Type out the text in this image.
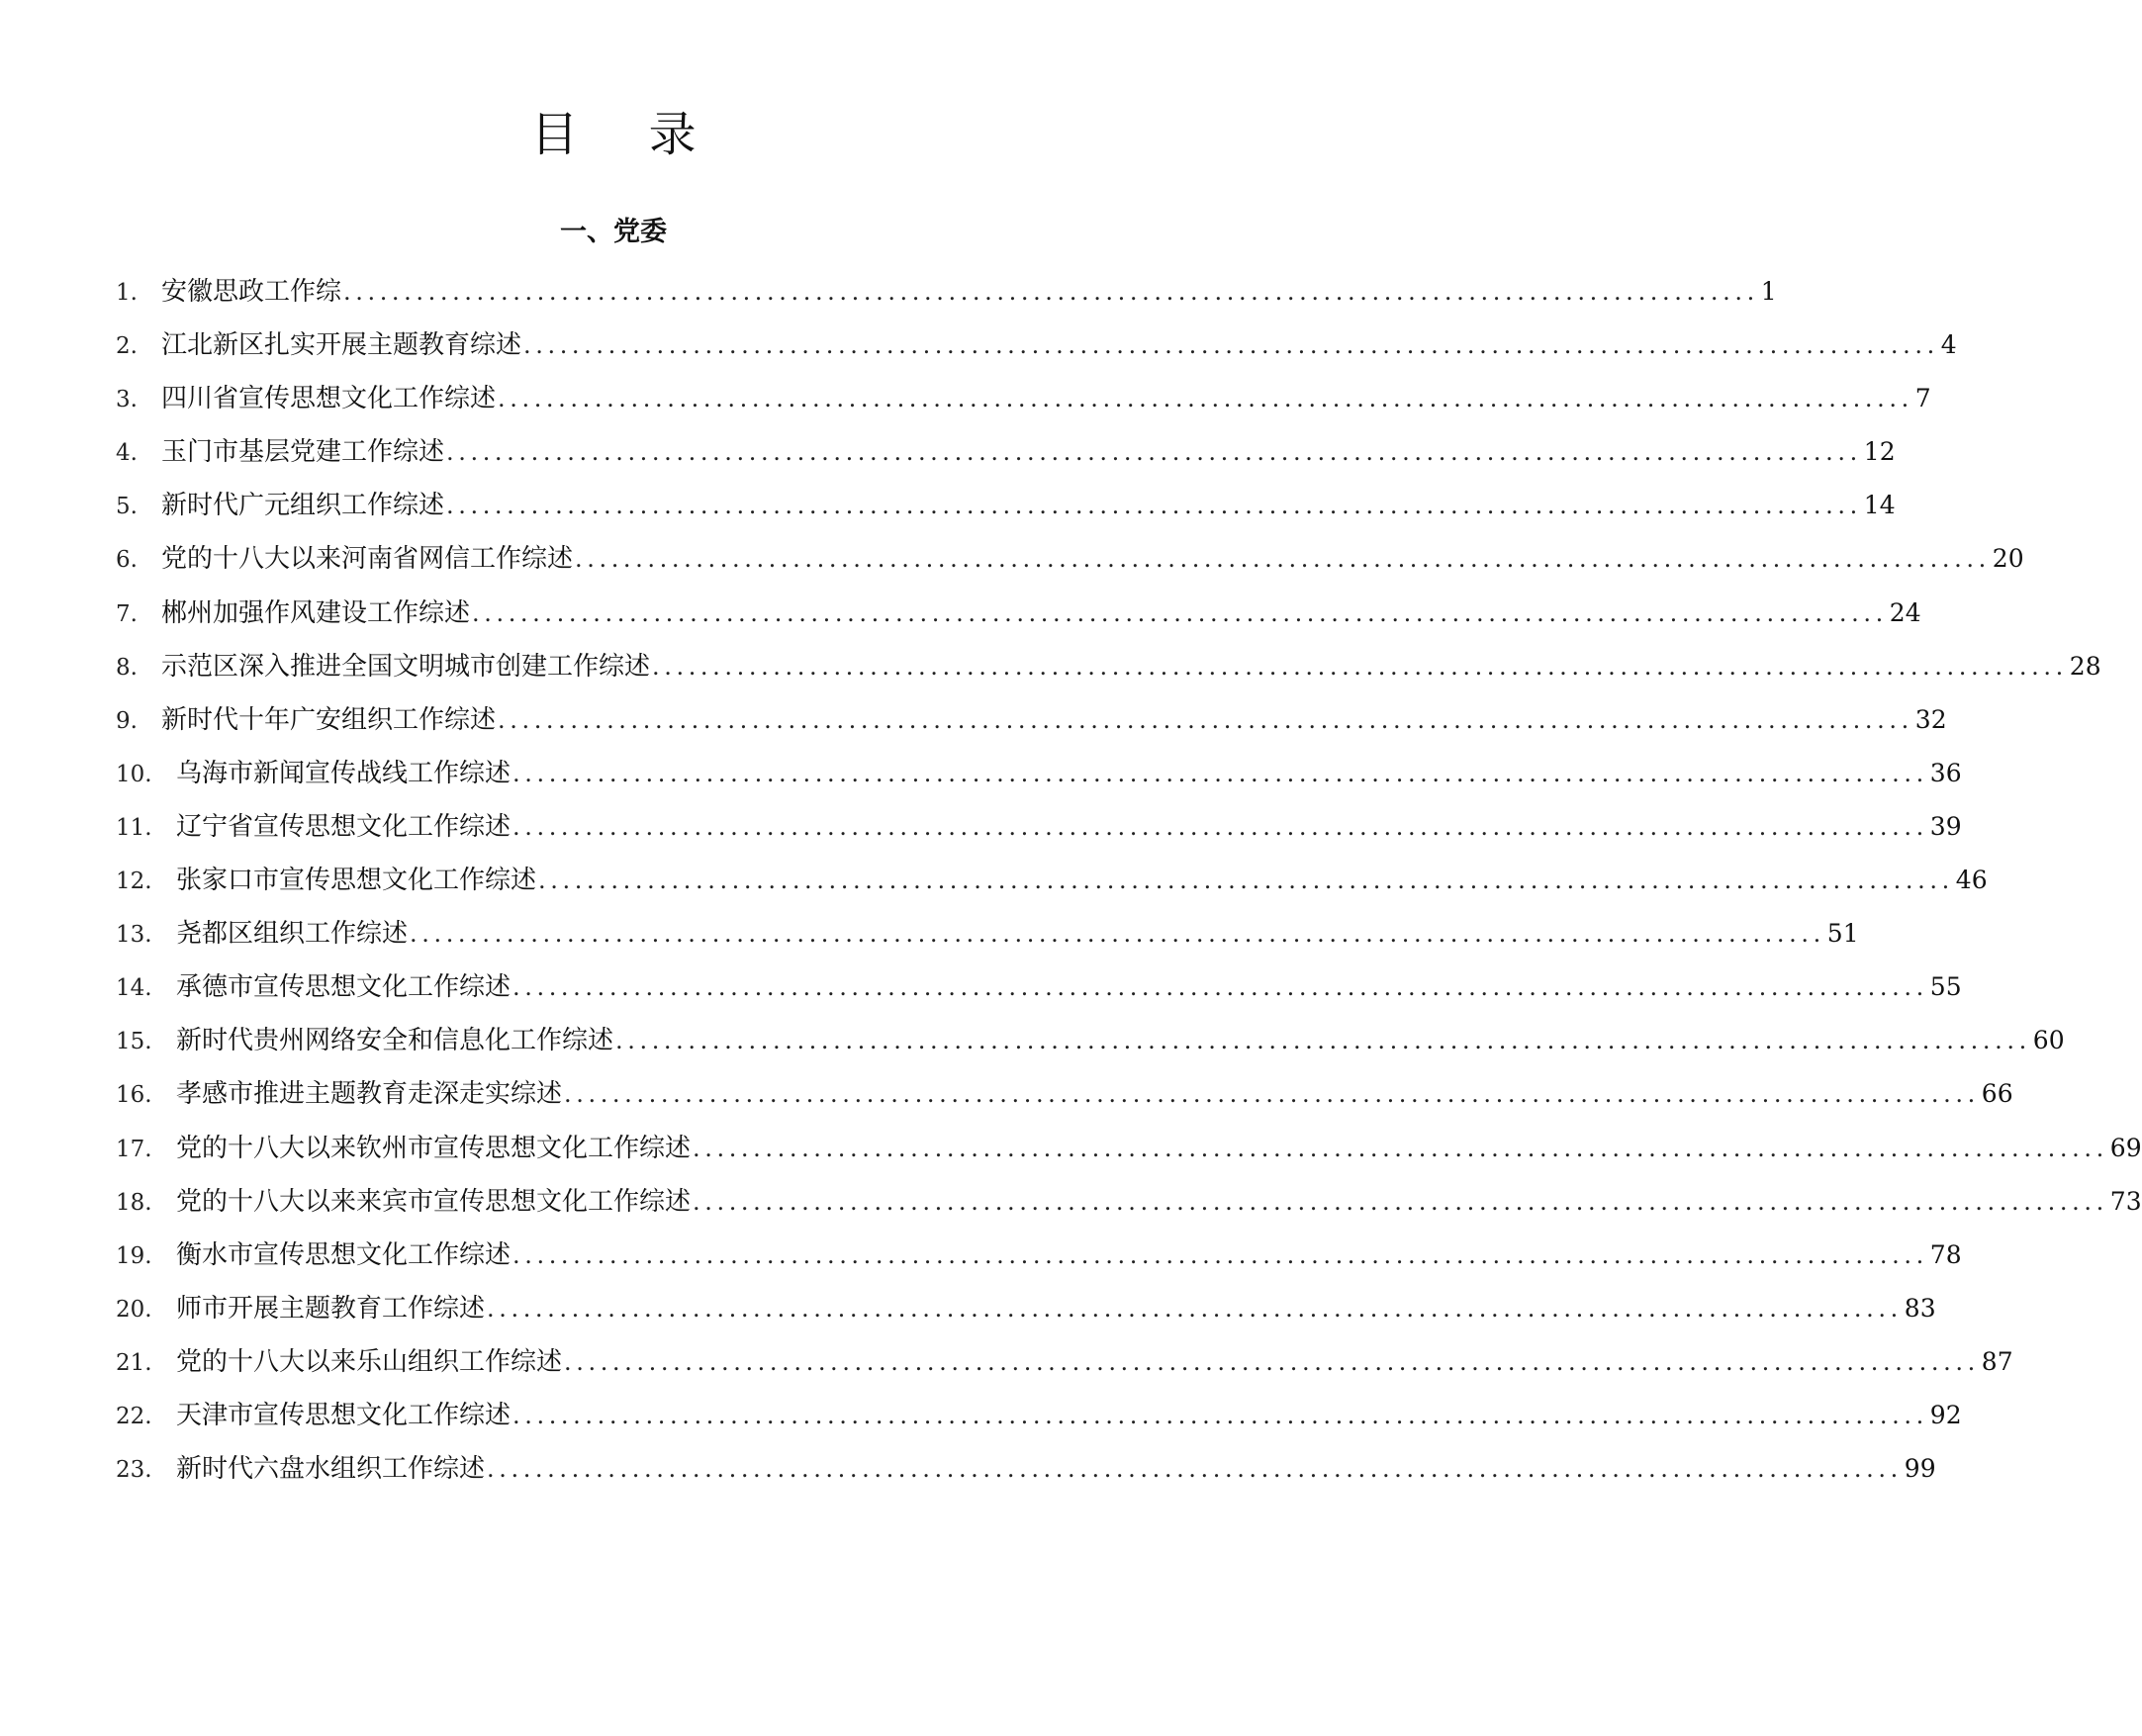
目 录
一、党委
1. 安徽思政工作综 .....	1
2. 江北新区扎实开展主题教育综述 .....	4
3. 四川省宣传思想文化工作综述 .....	7
4. 玉门市基层党建工作综述 .....	12
5. 新时代广元组织工作综述 .....	14
6. 党的十八大以来河南省网信工作综述 .....	20
7. 郴州加强作风建设工作综述 .....	24
8. 示范区深入推进全国文明城市创建工作综述 .....	28
9. 新时代十年广安组织工作综述 .....	32
10. 乌海市新闻宣传战线工作综述 .....	36
11. 辽宁省宣传思想文化工作综述 .....	39
12. 张家口市宣传思想文化工作综述 .....	46
13. 尧都区组织工作综述 .....	51
14. 承德市宣传思想文化工作综述 .....	55
15. 新时代贵州网络安全和信息化工作综述 .....	60
16. 孝感市推进主题教育走深走实综述 .....	66
17. 党的十八大以来钦州市宣传思想文化工作综述 .....	69
18. 党的十八大以来来宾市宣传思想文化工作综述 .....	73
19. 衡水市宣传思想文化工作综述 .....	78
20. 师市开展主题教育工作综述 .....	83
21. 党的十八大以来乐山组织工作综述 .....	87
22. 天津市宣传思想文化工作综述 .....	92
23. 新时代六盘水组织工作综述 .....	99
